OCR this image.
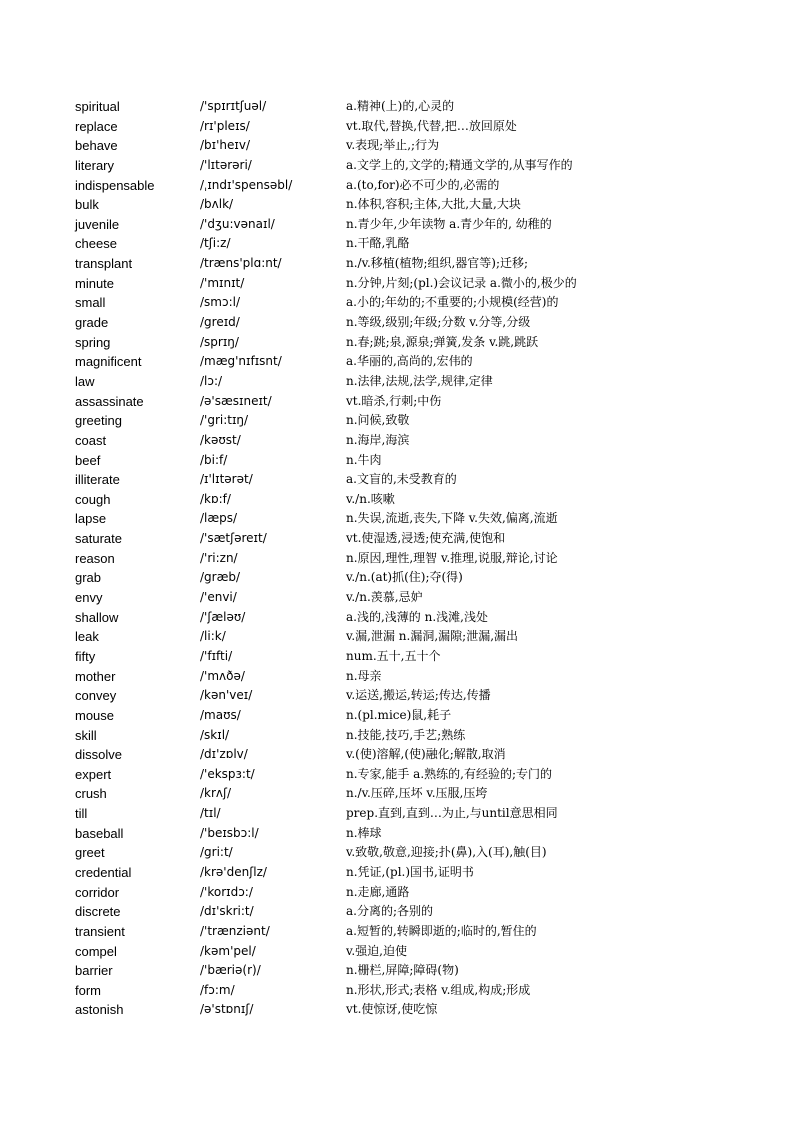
spiritual	/'spɪrɪtʃuəl/	a.精神(上)的,心灵的
replace	/rɪ'pleɪs/	vt.取代,替换,代替,把…放回原处
behave	/bɪ'heɪv/	v.表现;举止,;行为
literary	/'lɪtərəri/	a.文学上的,文学的;精通文学的,从事写作的
indispensable	/ˌɪndɪ'spensəbl/	a.(to,for)必不可少的,必需的
bulk	/bʌlk/	n.体积,容积;主体,大批,大量,大块
juvenile	/'dʒu:vənaɪl/	n.青少年,少年读物 a.青少年的, 幼稚的
cheese	/tʃi:z/	n.干酪,乳酪
transplant	/træns'plɑ:nt/	n./v.移植(植物;组织,器官等);迁移;
minute	/'mɪnɪt/	n.分钟,片刻;(pl.)会议记录 a.微小的,极少的
small	/smɔ:l/	a.小的;年幼的;不重要的;小规模(经营)的
grade	/greɪd/	n.等级,级别;年级;分数 v.分等,分级
spring	/sprɪŋ/	n.春;跳;泉,源泉;弹簧,发条 v.跳,跳跃
magnificent	/mæg'nɪfɪsnt/	a.华丽的,高尚的,宏伟的
law	/lɔ:/	n.法律,法规,法学,规律,定律
assassinate	/ə'sæsɪneɪt/	vt.暗杀,行刺;中伤
greeting	/'gri:tɪŋ/	n.问候,致敬
coast	/kəʊst/	n.海岸,海滨
beef	/bi:f/	n.牛肉
illiterate	/ɪ'lɪtərət/	a.文盲的,未受教育的
cough	/kɒ:f/	v./n.咳嗽
lapse	/læps/	n.失误,流逝,丧失,下降 v.失效,偏离,流逝
saturate	/'sætʃəreɪt/	vt.使湿透,浸透;使充满,使饱和
reason	/'ri:zn/	n.原因,理性,理智 v.推理,说服,辩论,讨论
grab	/græb/	v./n.(at)抓(住);夺(得)
envy	/'envi/	v./n.羡慕,忌妒
shallow	/'ʃæləʊ/	a.浅的,浅薄的 n.浅滩,浅处
leak	/li:k/	v.漏,泄漏 n.漏洞,漏隙;泄漏,漏出
fifty	/'fɪfti/	num.五十,五十个
mother	/'mʌðə/	n.母亲
convey	/kən'veɪ/	v.运送,搬运,转运;传达,传播
mouse	/maʊs/	n.(pl.mice)鼠,耗子
skill	/skɪl/	n.技能,技巧,手艺;熟练
dissolve	/dɪ'zɒlv/	v.(使)溶解,(使)融化;解散,取消
expert	/'ekspɜ:t/	n.专家,能手 a.熟练的,有经验的;专门的
crush	/krʌʃ/	n./v.压碎,压坏 v.压服,压垮
till	/tɪl/	prep.直到,直到…为止,与until意思相同
baseball	/'beɪsbɔ:l/	n.棒球
greet	/gri:t/	v.致敬,敬意,迎接;扑(鼻),入(耳),触(目)
credential	/krə'denʃlz/	n.凭证,(pl.)国书,证明书
corridor	/'korɪdɔ:/	n.走廊,通路
discrete	/dɪ'skri:t/	a.分离的;各别的
transient	/'trænziənt/	a.短暂的,转瞬即逝的;临时的,暂住的
compel	/kəm'pel/	v.强迫,迫使
barrier	/'bæriə(r)/	n.栅栏,屏障;障碍(物)
form	/fɔ:m/	n.形状,形式;表格 v.组成,构成;形成
astonish	/ə'stɒnɪʃ/	vt.使惊讶,使吃惊
